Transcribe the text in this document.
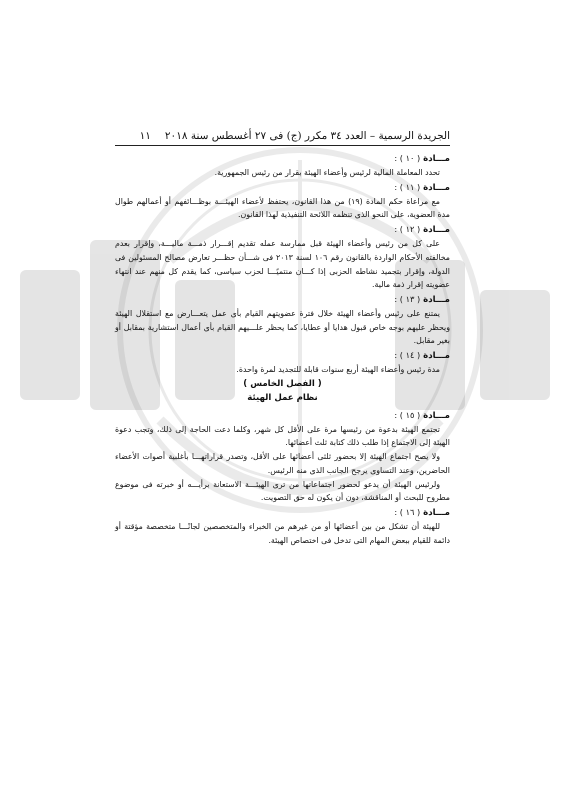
الجريدة الرسمية – العدد ٣٤ مكرر (ج) فى ٢٧ أغسطس سنة ٢٠١٨١١
مـــادة ( ١٠ ) :

تحدد المعاملة المالية لرئيس وأعضاء الهيئة بقرار من رئيس الجمهورية.

مـــادة ( ١١ ) :

مع مراعاة حكم المادة (١٩) من هذا القانون، يحتفظ لأعضاء الهيئـــة بوظـــائفهم أو أعمالهم طوال مدة العضوية، على النحو الذى تنظمه اللائحة التنفيذية لهذا القانون.

مـــادة ( ١٢ ) :

على كل من رئيس وأعضاء الهيئة قبل ممارسة عمله تقديم إقـــرار ذمـــة ماليـــة، وإقرار بعدم مخالفته الأحكام الواردة بالقانون رقم ١٠٦ لسنة ٢٠١٣ فى شـــأن حظـــر تعارض مصالح المسئولين فى الدولة، وإقرار بتجميد نشاطه الحزبى إذا كـــان منتميًـــا لحزب سياسى، كما يقدم كل منهم عند انتهاء عضويته إقرار ذمة مالية.

مـــادة ( ١٣ ) :

يمتنع على رئيس وأعضاء الهيئة خلال فترة عضويتهم القيام بأى عمل يتعـــارض مع استقلال الهيئة ويحظر عليهم بوجه خاص قبول هدايا أو عطايا، كما يحظر علـــيهم القيام بأى أعمال استشارية بمقابل أو بغير مقابل.

مـــادة ( ١٤ ) :

مدة رئيس وأعضاء الهيئة أربع سنوات قابلة للتجديد لمرة واحدة.

( الفصل الخامس )
نظام عمل الهيئة
مـــادة ( ١٥ ) :

تجتمع الهيئة بدعوة من رئيسها مرة على الأقل كل شهر، وكلما دعت الحاجة إلى ذلك، وتجب دعوة الهيئة إلى الاجتماع إذا طلب ذلك كتابة ثلث أعضائها.

ولا يصح اجتماع الهيئة إلا بحضور ثلثى أعضائها على الأقل، وتصدر قراراتهـــا بأغلبية أصوات الأعضاء الحاضرين، وعند التساوى يرجح الجانب الذى منه الرئيس.

ولرئيس الهيئة أن يدعو لحضور اجتماعاتها من ترى الهيئـــة الاستعانة برأيـــه أو خبرته فى موضوع مطروح للبحث أو المناقشة، دون أن يكون له حق التصويت.

مـــادة ( ١٦ ) :

للهيئة أن تشكل من بين أعضائها أو من غيرهم من الخبراء والمتخصصين لجانًـــا متخصصة مؤقتة أو دائمة للقيام ببعض المهام التى تدخل فى اختصاص الهيئة.
